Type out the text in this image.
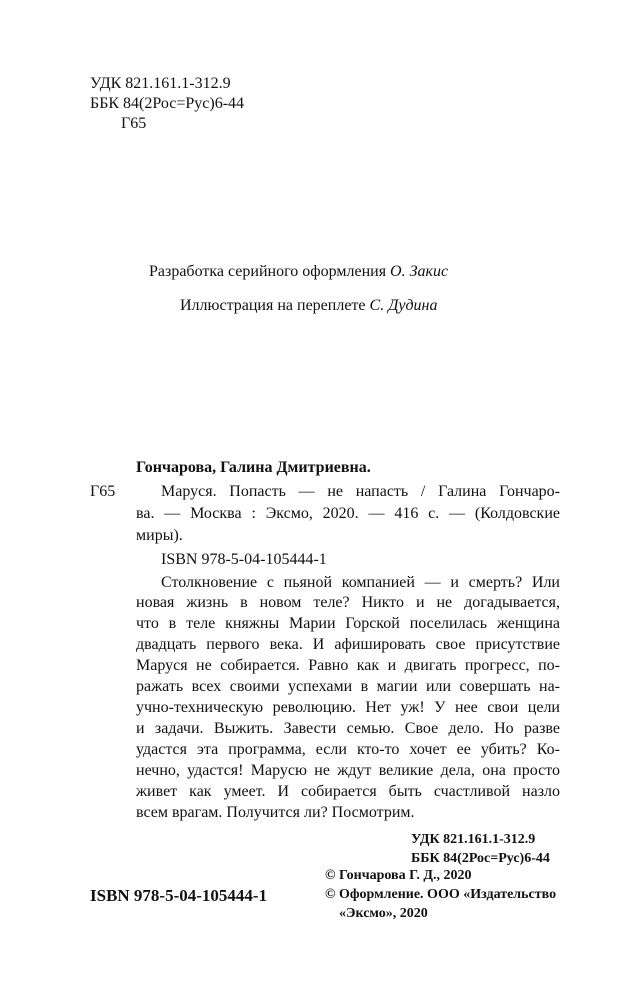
УДК 821.161.1-312.9
ББК 84(2Рос=Рус)6-44
Г65
Разработка серийного оформления О. Закис
Иллюстрация на переплете С. Дудина
Гончарова, Галина Дмитриевна.
Г65	Маруся. Попасть — не напасть / Галина Гончаро-
ва. — Москва : Эксмо, 2020. — 416 с. — (Колдовские
миры).
ISBN 978-5-04-105444-1
Столкновение с пьяной компанией — и смерть? Или
новая жизнь в новом теле? Никто и не догадывается,
что в теле княжны Марии Горской поселилась женщина
двадцать первого века. И афишировать свое присутствие
Маруся не собирается. Равно как и двигать прогресс, по-
ражать всех своими успехами в магии или совершать на-
учно-техническую революцию. Нет уж! У нее свои цели
и задачи. Выжить. Завести семью. Свое дело. Но разве
удастся эта программа, если кто-то хочет ее убить? Ко-
нечно, удастся! Марусю не ждут великие дела, она просто
живет как умеет. И собирается быть счастливой назло
всем врагам. Получится ли? Посмотрим.
УДК 821.161.1-312.9
ББК 84(2Рос=Рус)6-44
ISBN 978-5-04-105444-1
© Гончарова Г. Д., 2020
© Оформление. ООО «Издательство
«Эксмо», 2020
